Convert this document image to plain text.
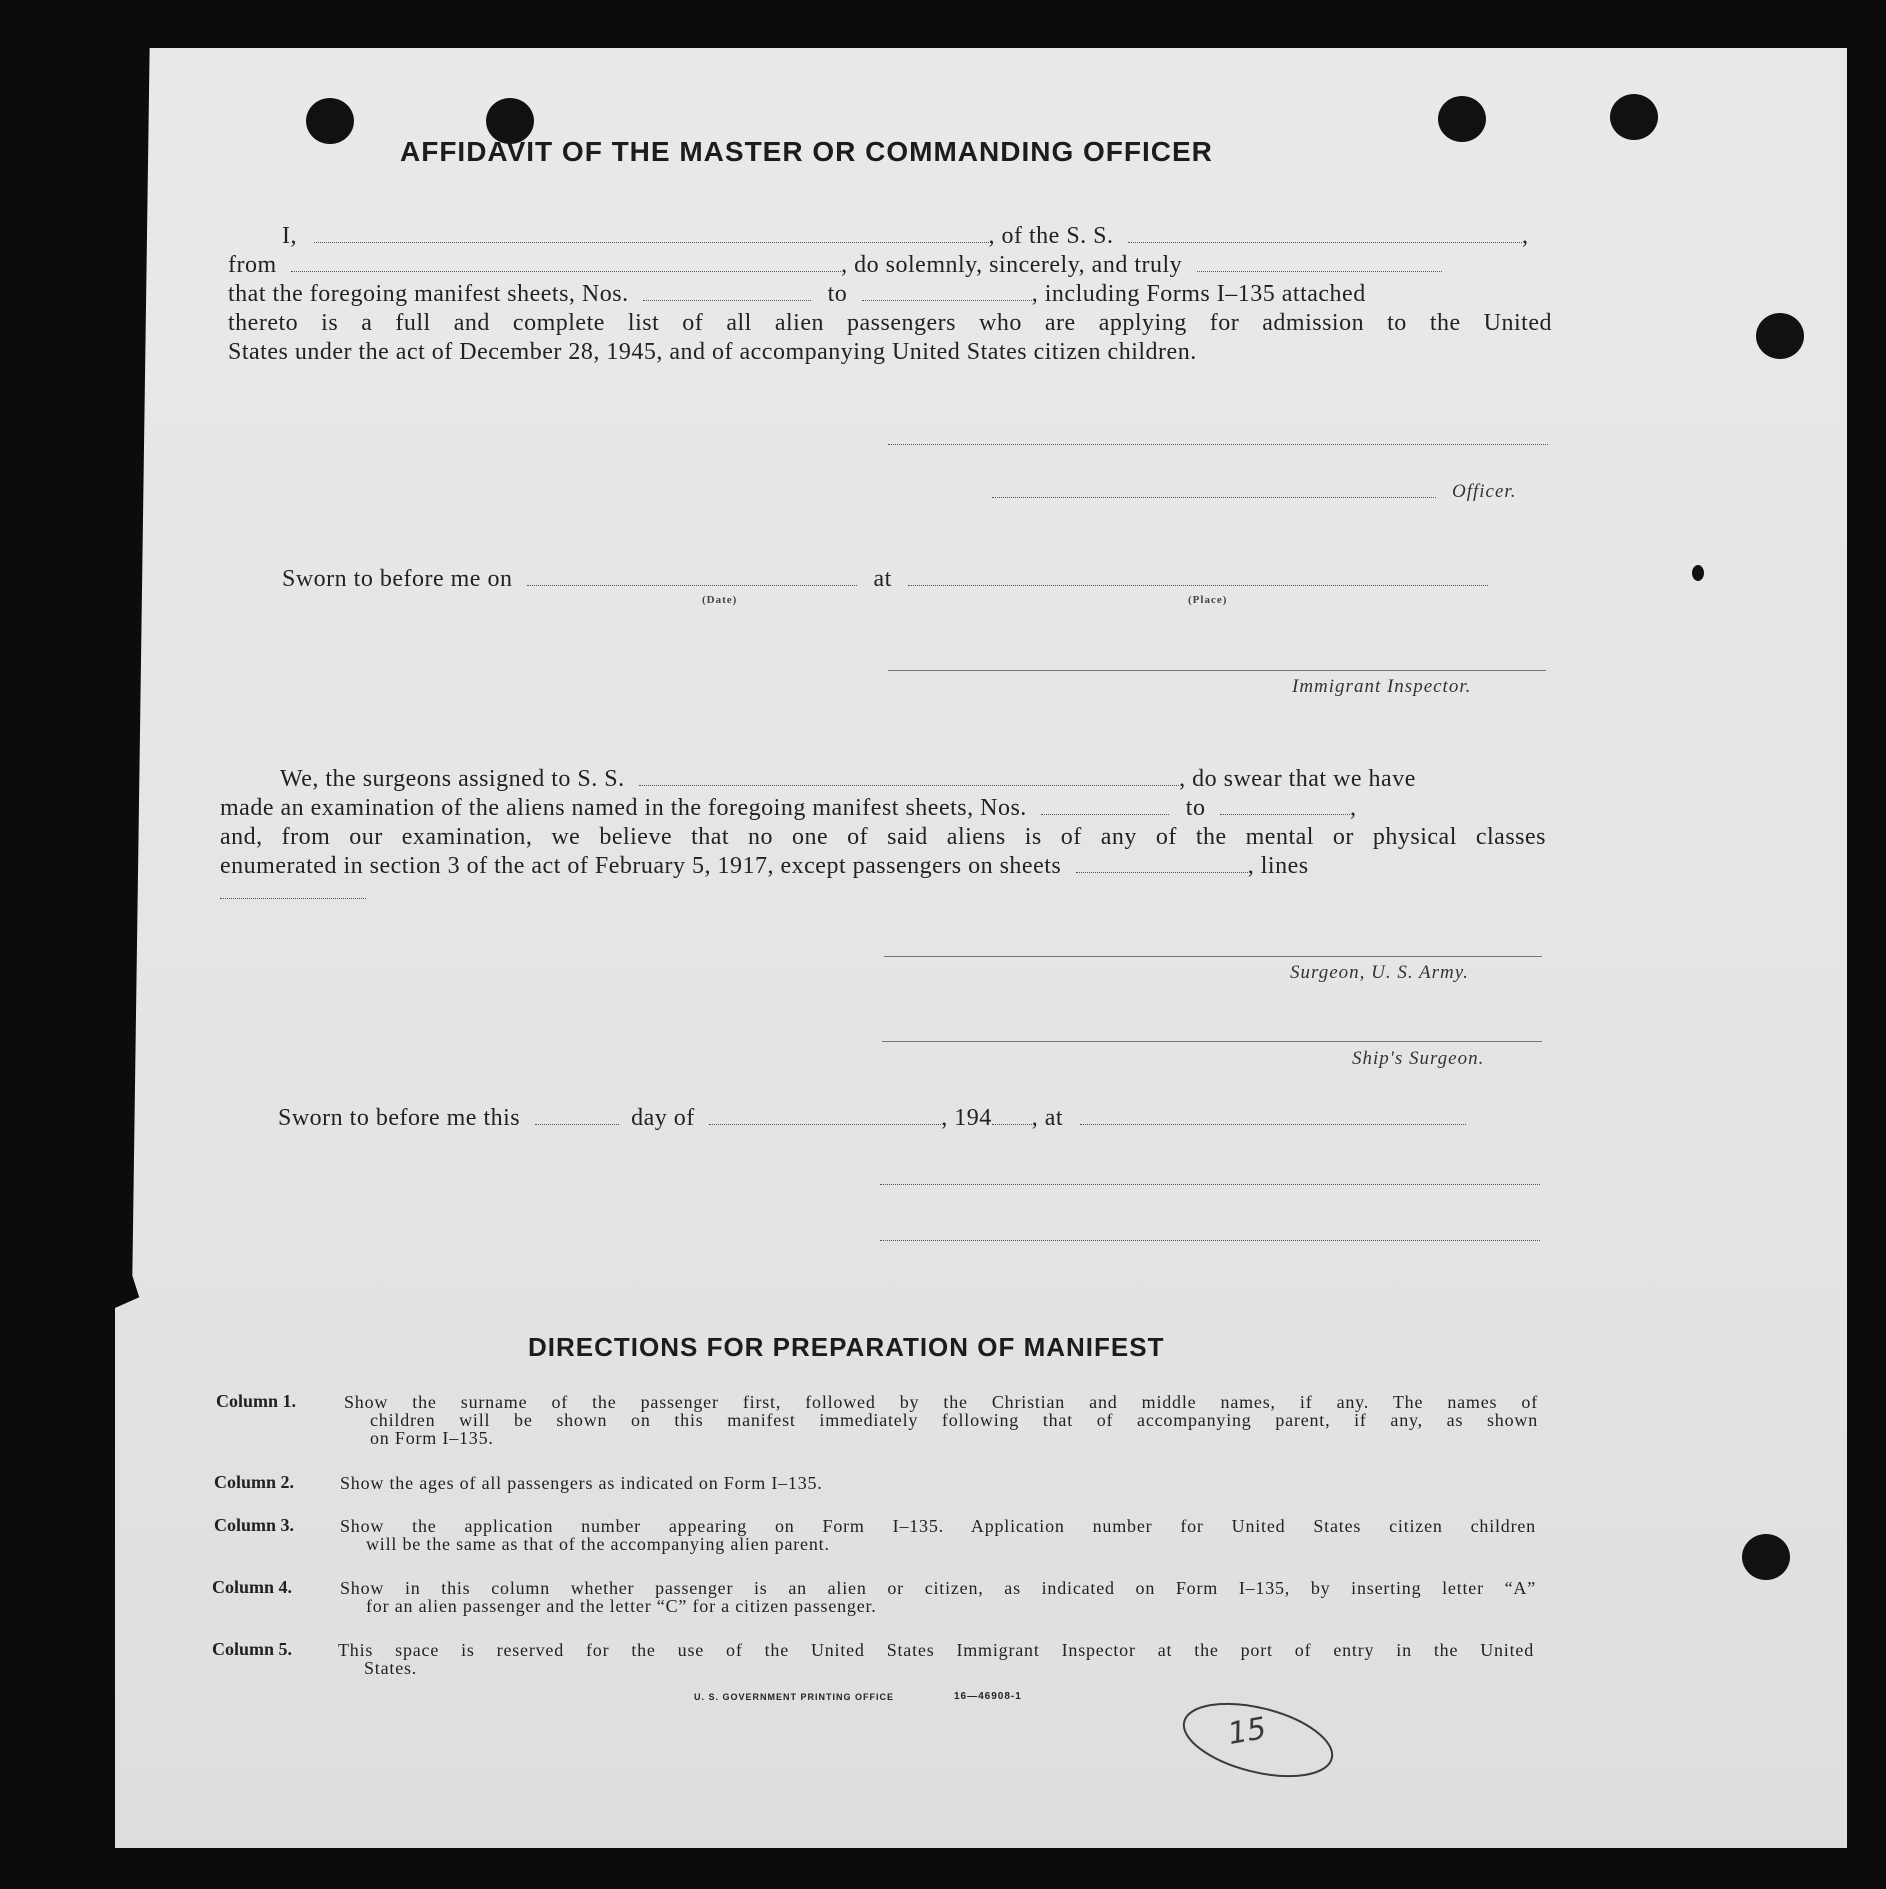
AFFIDAVIT OF THE MASTER OR COMMANDING OFFICER
I,	, of the S. S.	,
from	, do solemnly, sincerely, and truly
that the foregoing manifest sheets, Nos.	to	, including Forms I–135 attached
thereto is a full and complete list of all alien passengers who are applying for admission to the United
States under the act of December 28, 1945, and of accompanying United States citizen children.
Officer.
Sworn to before me on	at
(Date)	(Place)
Immigrant Inspector.
We, the surgeons assigned to S. S.	, do swear that we have
made an examination of the aliens named in the foregoing manifest sheets, Nos.	to	,
and, from our examination, we believe that no one of said aliens is of any of the mental or physical classes
enumerated in section 3 of the act of February 5, 1917, except passengers on sheets	, lines
Surgeon, U. S. Army.
Ship's Surgeon.
Sworn to before me this	day of	, 194 , at
DIRECTIONS FOR PREPARATION OF MANIFEST
Column 1.	Show the surname of the passenger first, followed by the Christian and middle names, if any. The names of
children will be shown on this manifest immediately following that of accompanying parent, if any, as shown
on Form I–135.
Column 2.	Show the ages of all passengers as indicated on Form I–135.
Column 3.	Show the application number appearing on Form I–135. Application number for United States citizen children
will be the same as that of the accompanying alien parent.
Column 4.	Show in this column whether passenger is an alien or citizen, as indicated on Form I–135, by inserting letter “A”
for an alien passenger and the letter “C” for a citizen passenger.
Column 5.	This space is reserved for the use of the United States Immigrant Inspector at the port of entry in the United
States.
U. S. GOVERNMENT PRINTING OFFICE	16—46908‑1
15
